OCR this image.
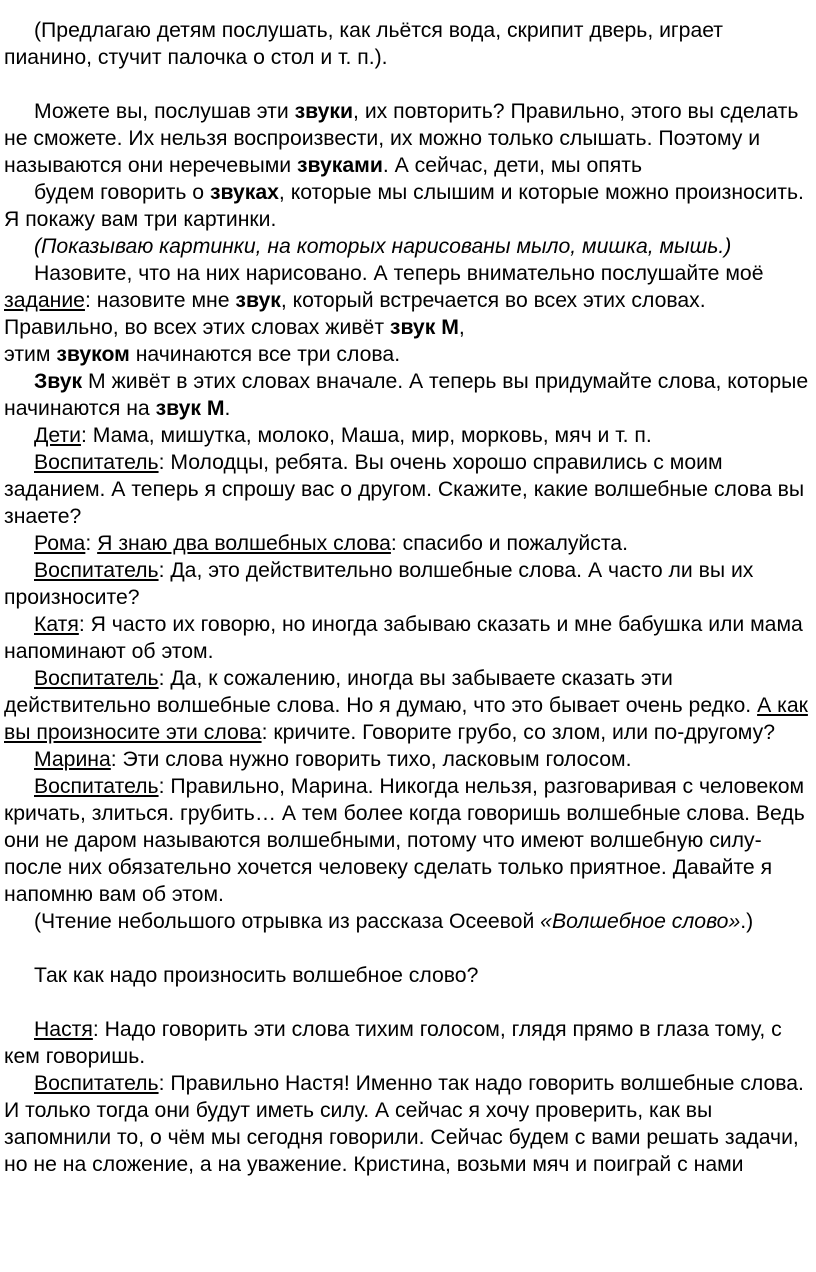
(Предлагаю детям послушать, как льётся вода, скрипит дверь, играет пианино, стучит палочка о стол и т. п.).

Можете вы, послушав эти звуки, их повторить? Правильно, этого вы сделать не сможете. Их нельзя воспроизвести, их можно только слышать. Поэтому и называются они неречевыми звуками. А сейчас, дети, мы опять

будем говорить о звуках, которые мы слышим и которые можно произносить. Я покажу вам три картинки.

(Показываю картинки, на которых нарисованы мыло, мишка, мышь.)

Назовите, что на них нарисовано. А теперь внимательно послушайте моё задание: назовите мне звук, который встречается во всех этих словах. Правильно, во всех этих словах живёт звук М,

этим звуком начинаются все три слова.

Звук М живёт в этих словах вначале. А теперь вы придумайте слова, которые начинаются на звук М.

Дети: Мама, мишутка, молоко, Маша, мир, морковь, мяч и т. п.

Воспитатель: Молодцы, ребята. Вы очень хорошо справились с моим заданием. А теперь я спрошу вас о другом. Скажите, какие волшебные слова вы знаете?

Рома: Я знаю два волшебных слова: спасибо и пожалуйста.

Воспитатель: Да, это действительно волшебные слова. А часто ли вы их произносите?

Катя: Я часто их говорю, но иногда забываю сказать и мне бабушка или мама напоминают об этом.

Воспитатель: Да, к сожалению, иногда вы забываете сказать эти действительно волшебные слова. Но я думаю, что это бывает очень редко. А как вы произносите эти слова: кричите. Говорите грубо, со злом, или по-другому?

Марина: Эти слова нужно говорить тихо, ласковым голосом.

Воспитатель: Правильно, Марина. Никогда нельзя, разговаривая с человеком кричать, злиться. грубить… А тем более когда говоришь волшебные слова. Ведь они не даром называются волшебными, потому что имеют волшебную силу- после них обязательно хочется человеку сделать только приятное. Давайте я напомню вам об этом.

(Чтение небольшого отрывка из рассказа Осеевой «Волшебное слово».)

Так как надо произносить волшебное слово?

Настя: Надо говорить эти слова тихим голосом, глядя прямо в глаза тому, с кем говоришь.

Воспитатель: Правильно Настя! Именно так надо говорить волшебные слова. И только тогда они будут иметь силу. А сейчас я хочу проверить, как вы запомнили то, о чём мы сегодня говорили. Сейчас будем с вами решать задачи, но не на сложение, а на уважение. Кристина, возьми мяч и поиграй с нами
